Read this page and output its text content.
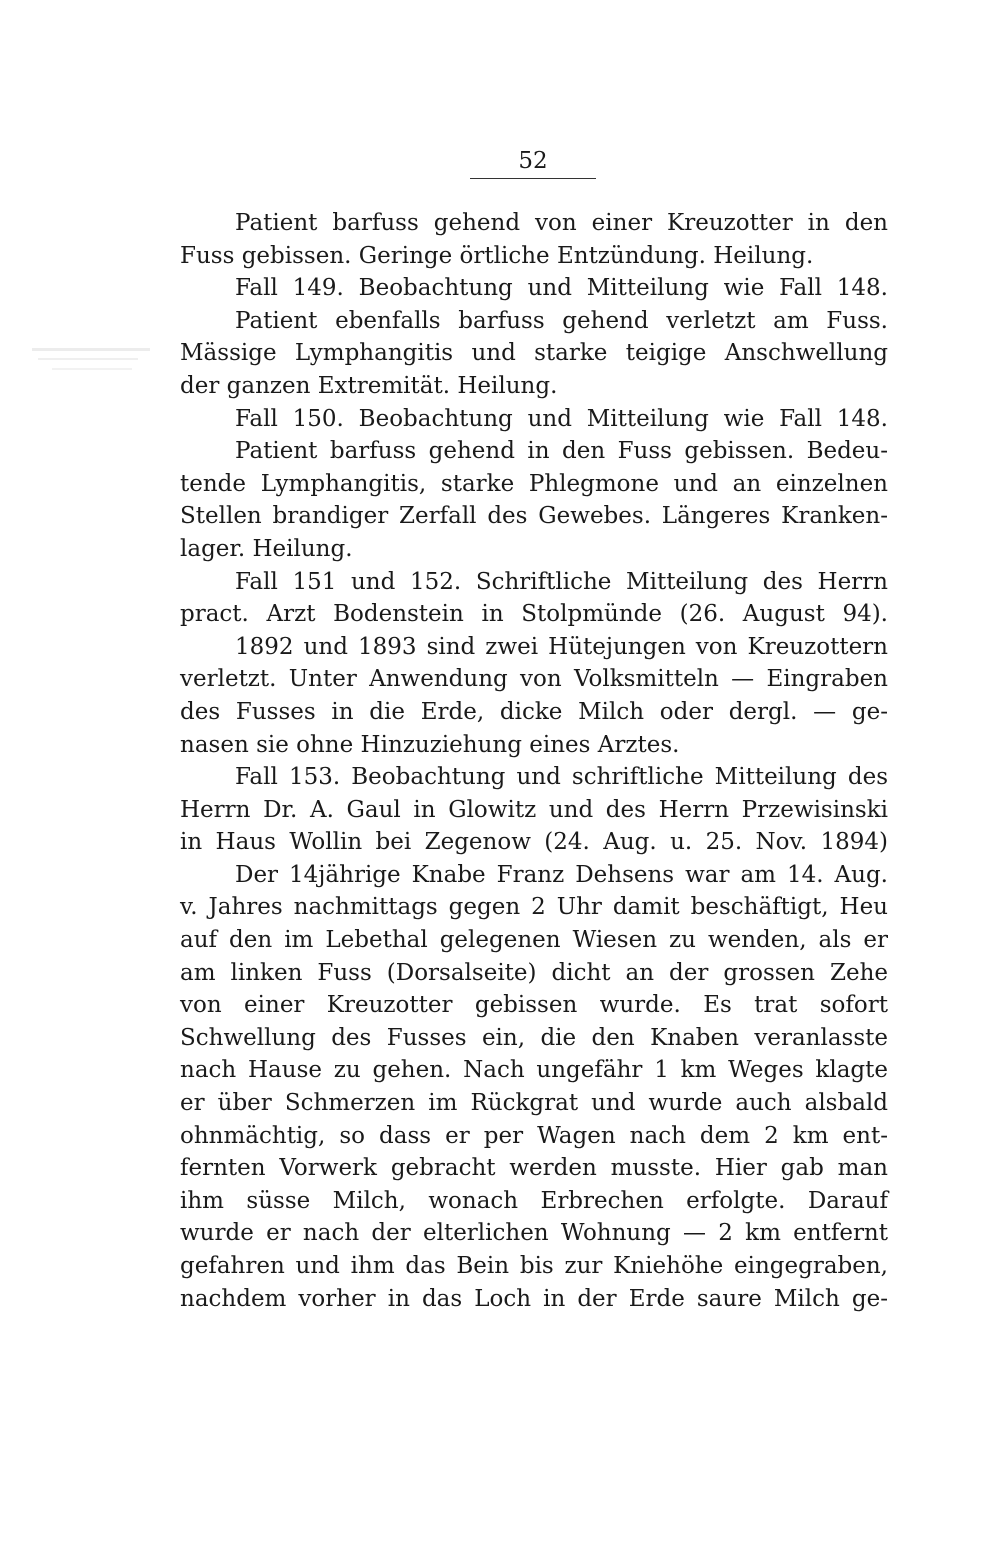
52
Patient barfuss gehend von einer Kreuzotter in den
Fuss gebissen. Geringe örtliche Entzündung. Heilung.
Fall 149. Beobachtung und Mitteilung wie Fall 148.
Patient ebenfalls barfuss gehend verletzt am Fuss.
Mässige Lymphangitis und starke teigige Anschwellung
der ganzen Extremität. Heilung.
Fall 150. Beobachtung und Mitteilung wie Fall 148.
Patient barfuss gehend in den Fuss gebissen. Bedeu-
tende Lymphangitis, starke Phlegmone und an einzelnen
Stellen brandiger Zerfall des Gewebes. Längeres Kranken-
lager. Heilung.
Fall 151 und 152. Schriftliche Mitteilung des Herrn
pract. Arzt Bodenstein in Stolpmünde (26. August 94).
1892 und 1893 sind zwei Hütejungen von Kreuzottern
verletzt. Unter Anwendung von Volksmitteln — Eingraben
des Fusses in die Erde, dicke Milch oder dergl. — ge-
nasen sie ohne Hinzuziehung eines Arztes.
Fall 153. Beobachtung und schriftliche Mitteilung des
Herrn Dr. A. Gaul in Glowitz und des Herrn Przewisinski
in Haus Wollin bei Zegenow (24. Aug. u. 25. Nov. 1894)
Der 14jährige Knabe Franz Dehsens war am 14. Aug.
v. Jahres nachmittags gegen 2 Uhr damit beschäftigt, Heu
auf den im Lebethal gelegenen Wiesen zu wenden, als er
am linken Fuss (Dorsalseite) dicht an der grossen Zehe
von einer Kreuzotter gebissen wurde. Es trat sofort
Schwellung des Fusses ein, die den Knaben veranlasste
nach Hause zu gehen. Nach ungefähr 1 km Weges klagte
er über Schmerzen im Rückgrat und wurde auch alsbald
ohnmächtig, so dass er per Wagen nach dem 2 km ent-
fernten Vorwerk gebracht werden musste. Hier gab man
ihm süsse Milch, wonach Erbrechen erfolgte. Darauf
wurde er nach der elterlichen Wohnung — 2 km entfernt
gefahren und ihm das Bein bis zur Kniehöhe eingegraben,
nachdem vorher in das Loch in der Erde saure Milch ge-
